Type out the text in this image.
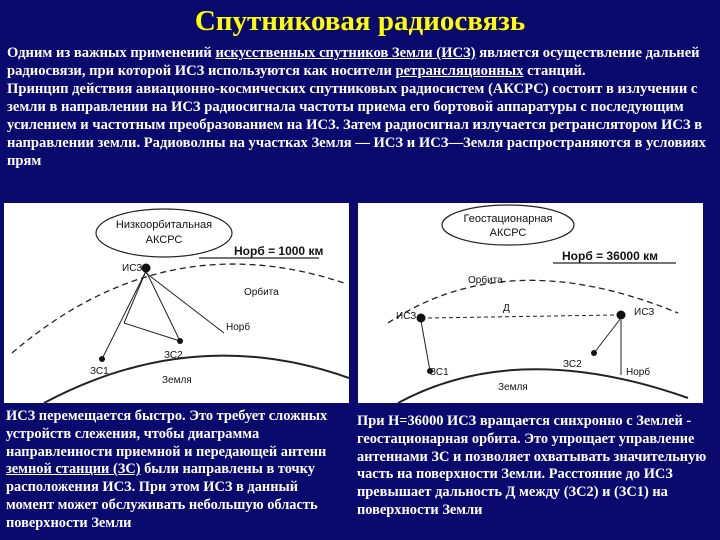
Спутниковая радиосвязь
Одним из важных применений искусственных спутников Земли (ИСЗ) является осуществление дальней радиосвязи, при которой ИСЗ используются как носители ретрансляционных станций.
Принцип действия авиационно-космических спутниковых радиосистем (АКСРС) состоит в излучении с земли в направлении на ИСЗ радиосигнала частоты приема его бортовой аппаратуры с последующим усилением и частотным преобразованием на ИСЗ. Затем радиосигнал излучается ретранслятором ИСЗ в направлении земли. Радиоволны на участках Земля — ИСЗ и ИСЗ—Земля распространяются в условиях прям
Низкоорбитальная
АКСРС
Hорб = 1000 км
ИСЗ
Орбита
Hорб
ЗС2
ЗС1
Земля
Геостационарная
АКСРС
Hорб = 36000 км
Орбита
ИСЗ	ИСЗ
Д
ЗС1
ЗС2
Hорб
Земля
ИСЗ перемещается быстро. Это требует сложных устройств слежения, чтобы диаграмма направленности приемной и передающей антенн земной станции (ЗС) были направлены в точку расположения ИСЗ. При этом ИСЗ в данный момент может обслуживать небольшую область поверхности Земли
При H=36000 ИСЗ вращается синхронно с Землей - геостационарная орбита. Это упрощает управление антеннами ЗС и позволяет охватывать значительную часть на поверхности Земли. Расстояние до ИСЗ превышает дальность Д между (ЗС2) и (ЗС1) на поверхности Земли
